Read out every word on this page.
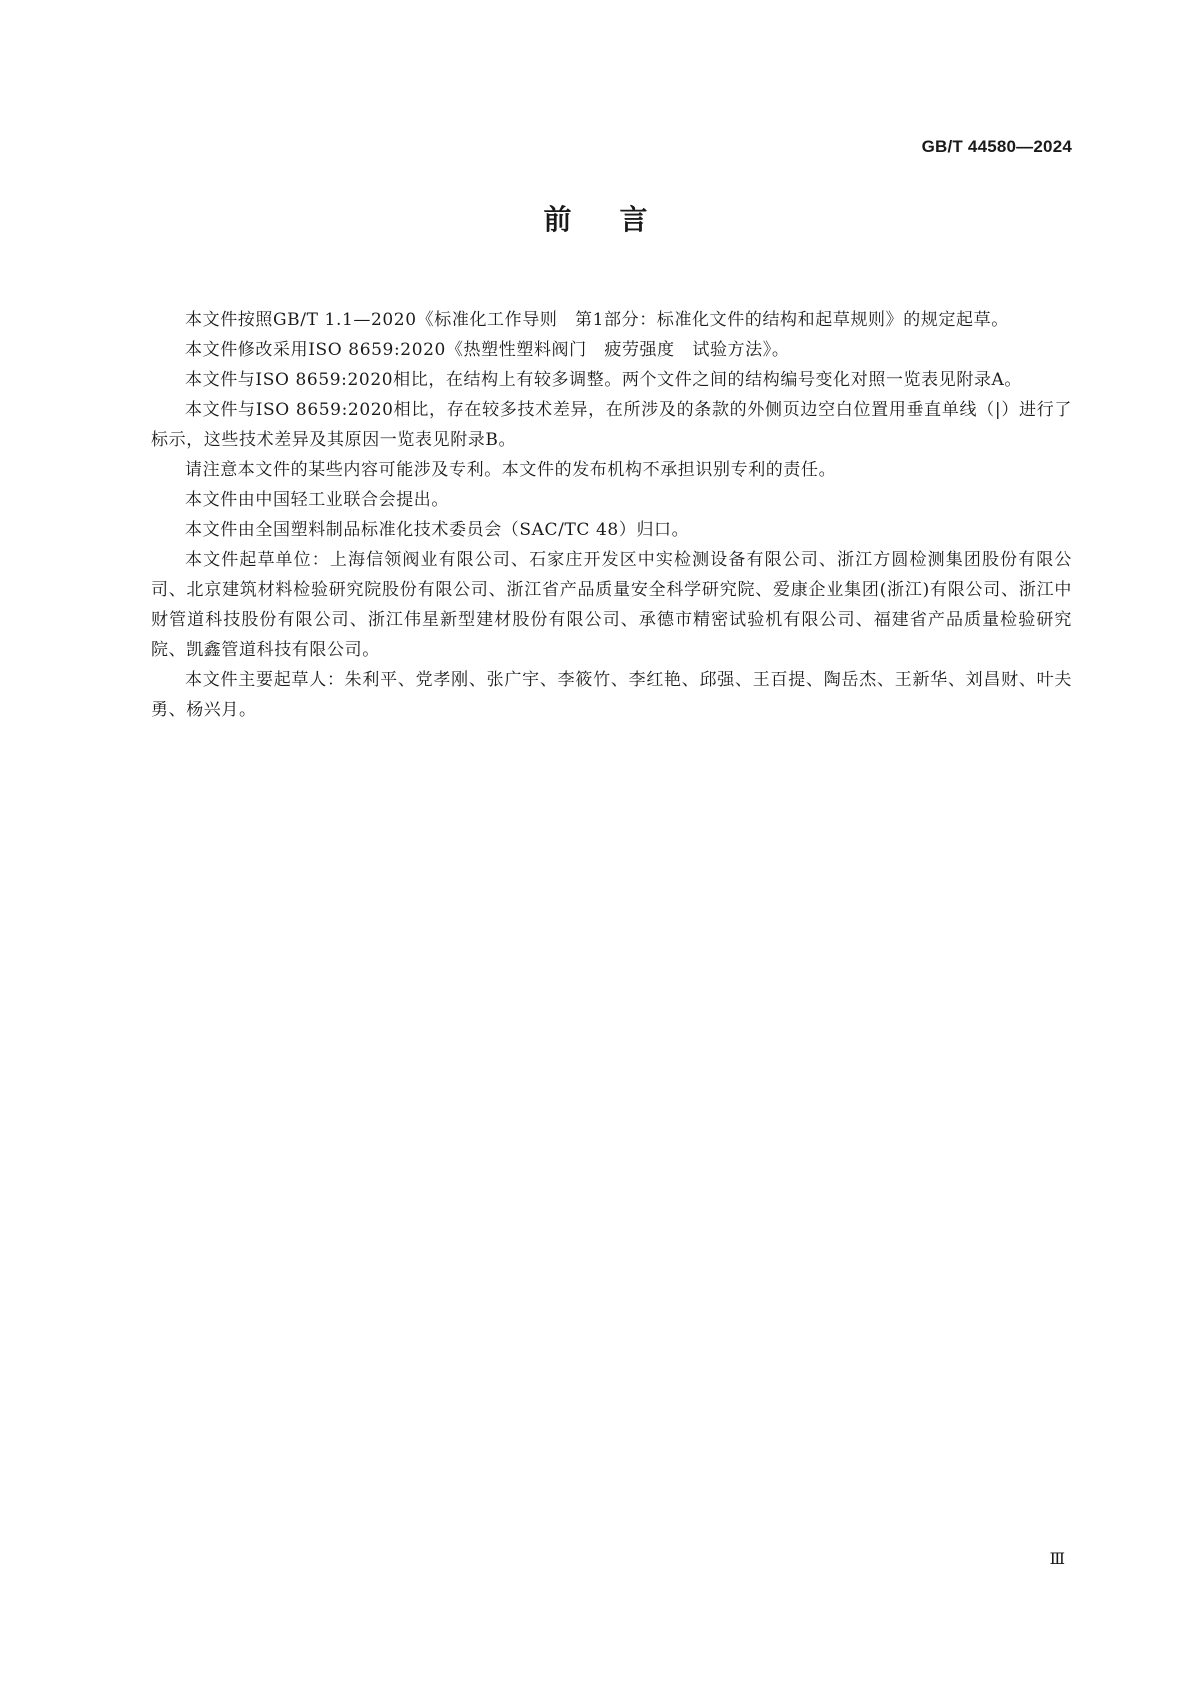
GB/T 44580—2024
前言

本文件按照GB/T 1.1—2020《标准化工作导则　第1部分：标准化文件的结构和起草规则》的规定起草。

本文件修改采用ISO 8659:2020《热塑性塑料阀门　疲劳强度　试验方法》。

本文件与ISO 8659:2020相比，在结构上有较多调整。两个文件之间的结构编号变化对照一览表见附录A。

本文件与ISO 8659:2020相比，存在较多技术差异，在所涉及的条款的外侧页边空白位置用垂直单线（|）进行了标示，这些技术差异及其原因一览表见附录B。

请注意本文件的某些内容可能涉及专利。本文件的发布机构不承担识别专利的责任。

本文件由中国轻工业联合会提出。

本文件由全国塑料制品标准化技术委员会（SAC/TC 48）归口。

本文件起草单位：上海信领阀业有限公司、石家庄开发区中实检测设备有限公司、浙江方圆检测集团股份有限公司、北京建筑材料检验研究院股份有限公司、浙江省产品质量安全科学研究院、爱康企业集团(浙江)有限公司、浙江中财管道科技股份有限公司、浙江伟星新型建材股份有限公司、承德市精密试验机有限公司、福建省产品质量检验研究院、凯鑫管道科技有限公司。

本文件主要起草人：朱利平、党孝刚、张广宇、李筱竹、李红艳、邱强、王百提、陶岳杰、王新华、刘昌财、叶夫勇、杨兴月。

Ⅲ
